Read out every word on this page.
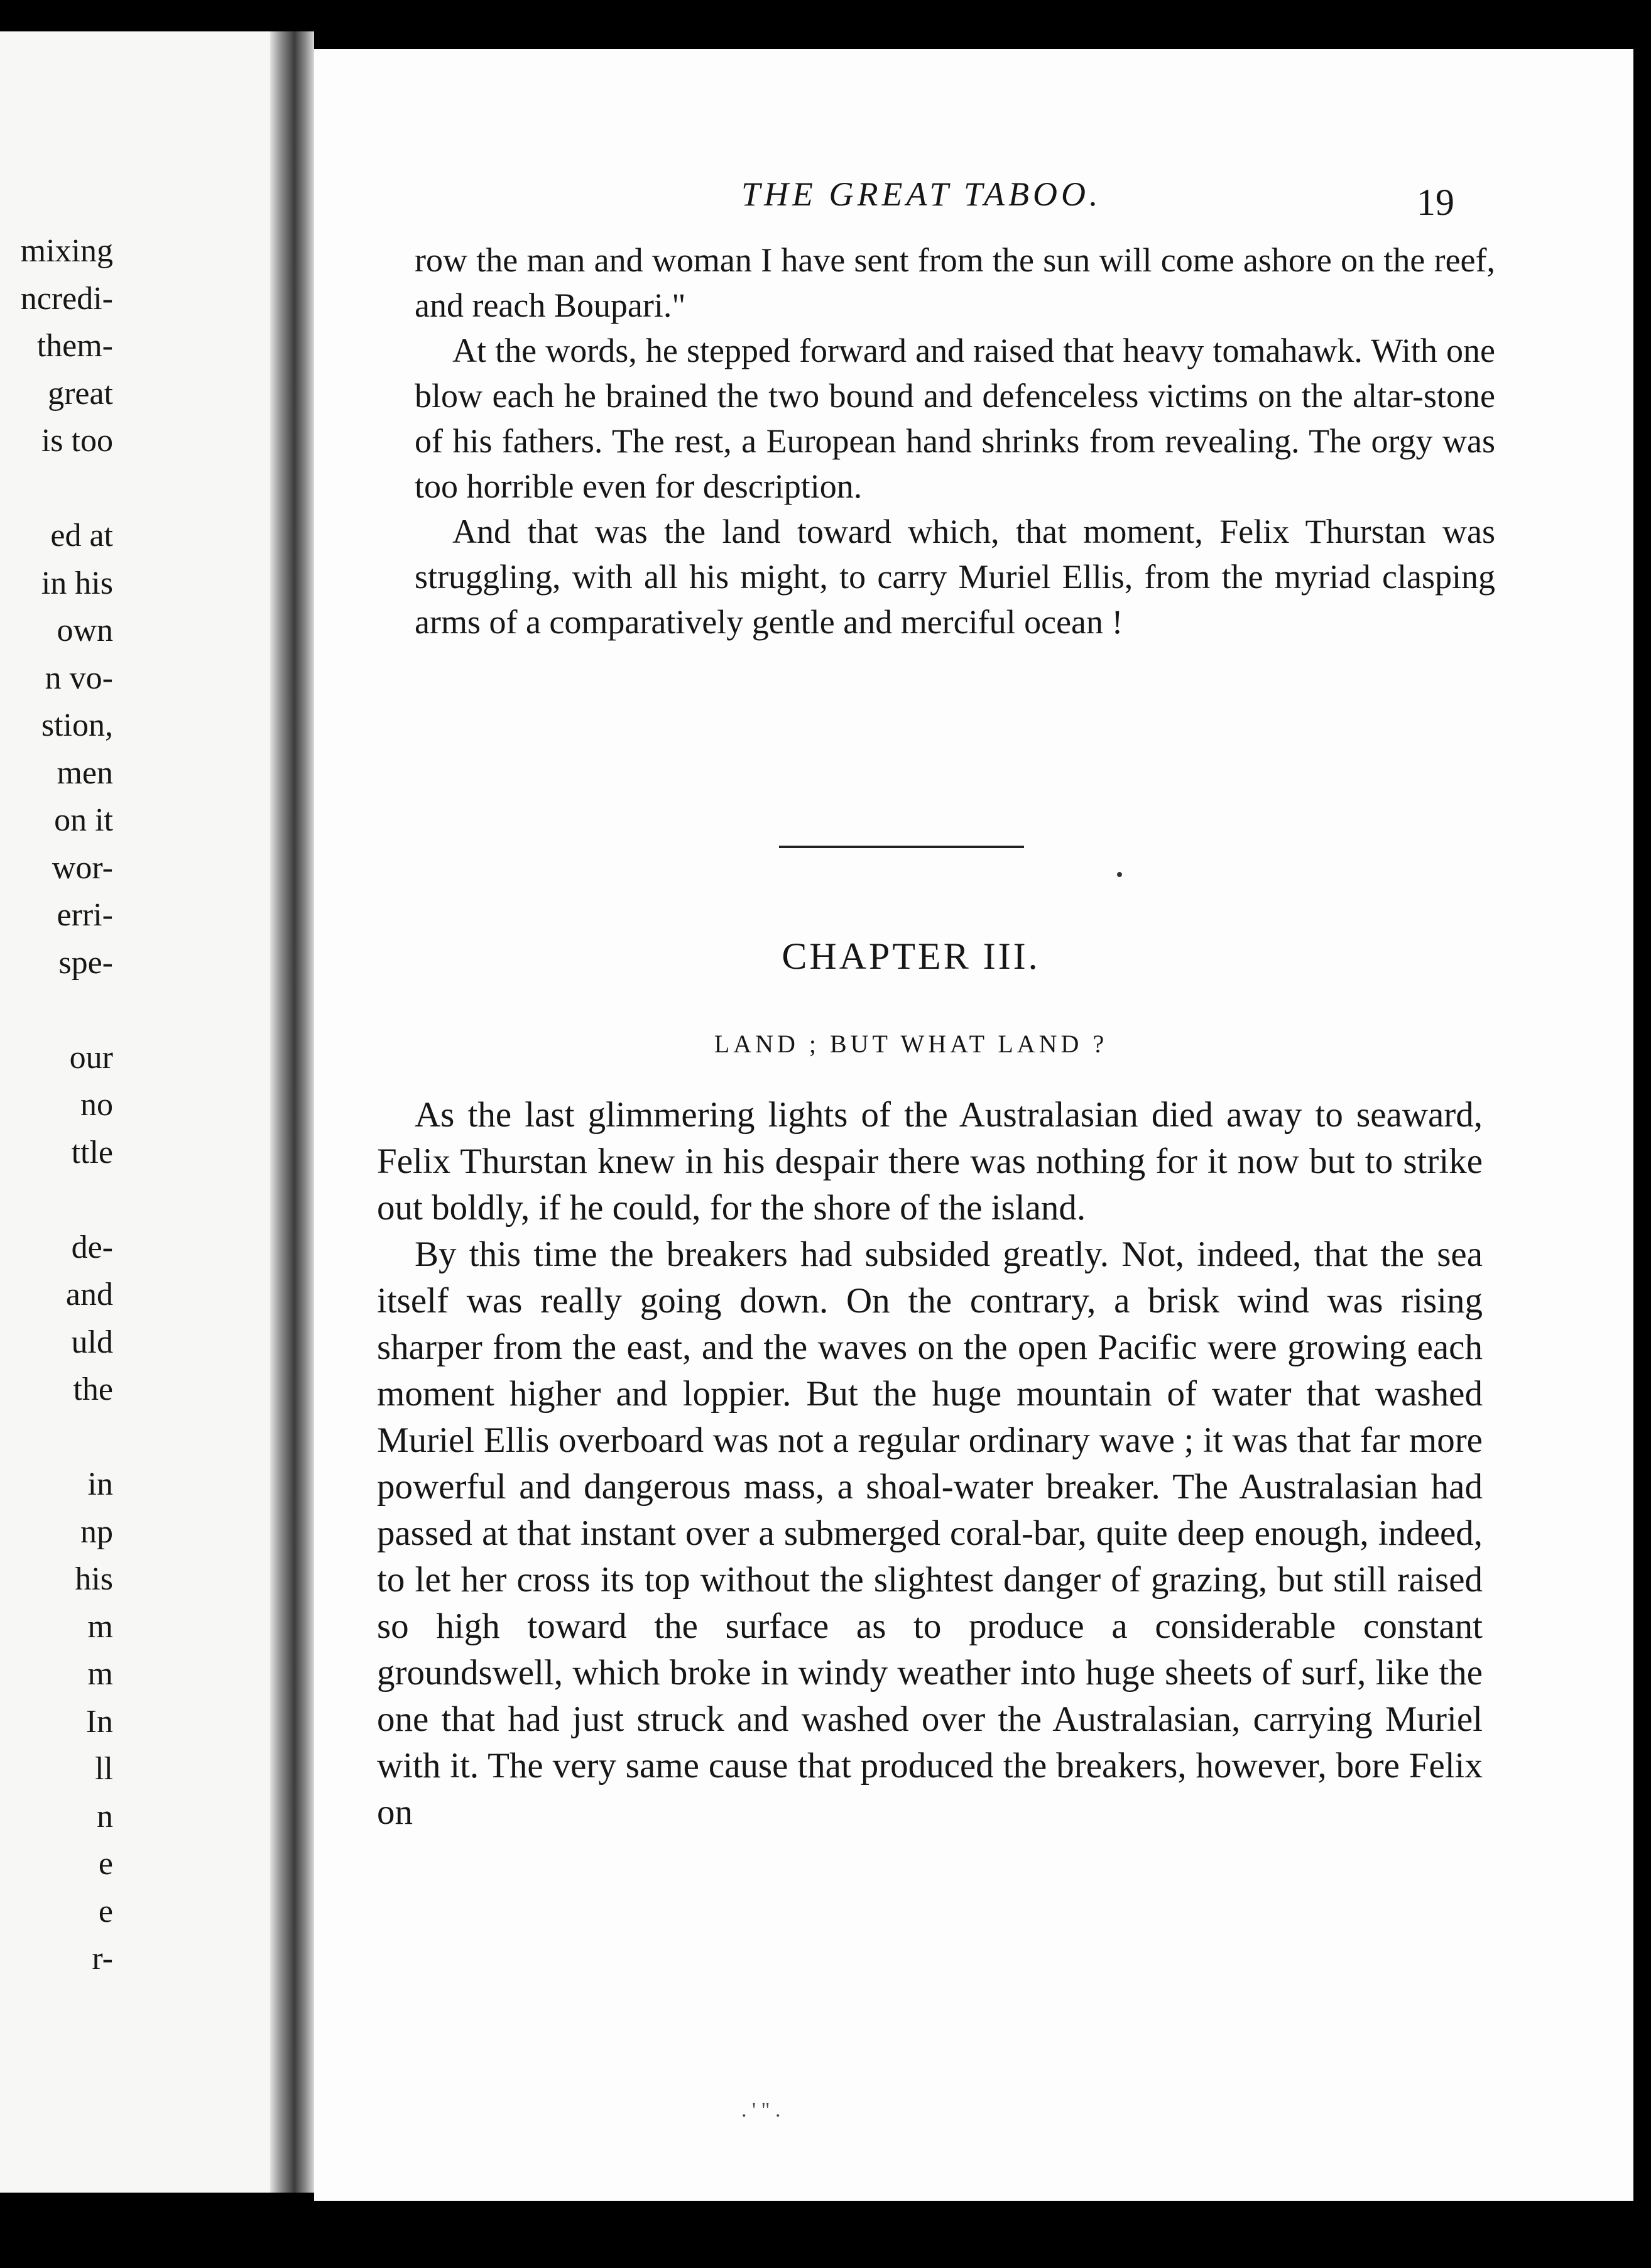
mixing
ncredi-
them-
great
is too
ed at
in his
own
n vo-
stion,
men
on it
wor-
erri-
spe-
our
no
ttle
de-
and
uld
the
in
np
his
m
m
In
ll
n
e
e
r-
THE GREAT TABOO.	19

row the man and woman I have sent from the sun will come ashore on the reef, and reach Boupari."

At the words, he stepped forward and raised that heavy tomahawk. With one blow each he brained the two bound and defenceless victims on the altar-stone of his fathers. The rest, a European hand shrinks from revealing. The orgy was too horrible even for description.

And that was the land toward which, that moment, Felix Thurstan was struggling, with all his might, to carry Muriel Ellis, from the myriad clasping arms of a comparatively gentle and merciful ocean !

CHAPTER III.
LAND ; BUT WHAT LAND ?

As the last glimmering lights of the Australasian died away to seaward, Felix Thurstan knew in his despair there was nothing for it now but to strike out boldly, if he could, for the shore of the island.

By this time the breakers had subsided greatly. Not, indeed, that the sea itself was really going down. On the contrary, a brisk wind was rising sharper from the east, and the waves on the open Pacific were growing each moment higher and loppier. But the huge mountain of water that washed Muriel Ellis overboard was not a regular ordinary wave ; it was that far more powerful and dangerous mass, a shoal-water breaker. The Australasian had passed at that instant over a submerged coral-bar, quite deep enough, indeed, to let her cross its top without the slightest danger of grazing, but still raised so high toward the surface as to produce a considerable constant groundswell, which broke in windy weather into huge sheets of surf, like the one that had just struck and washed over the Australasian, carrying Muriel with it. The very same cause that produced the breakers, however, bore Felix on

. ' " .
